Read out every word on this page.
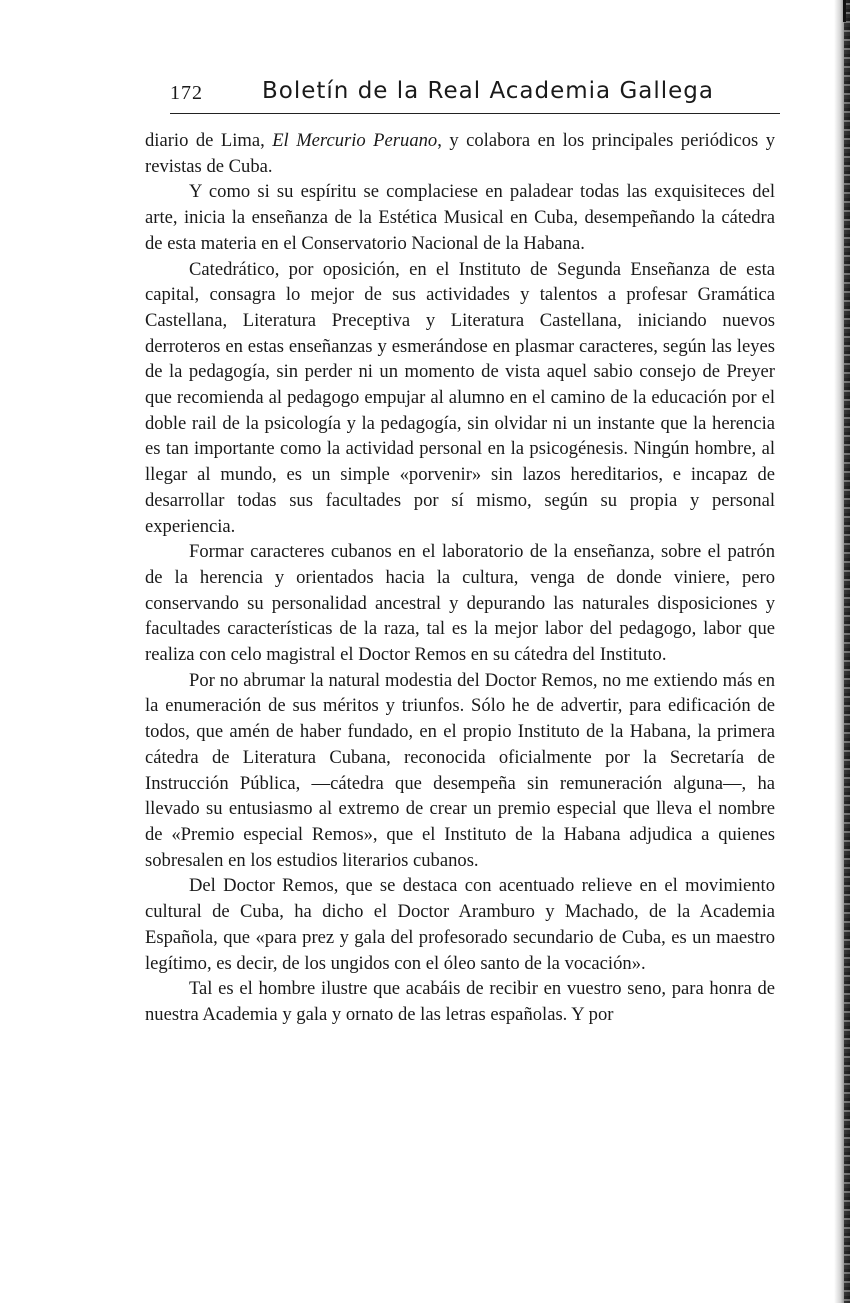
172	Boletín de la Real Academia Gallega

diario de Lima, El Mercurio Peruano, y colabora en los principales periódicos y revistas de Cuba.

Y como si su espíritu se complaciese en paladear todas las exquisiteces del arte, inicia la enseñanza de la Estética Musical en Cuba, desempeñando la cátedra de esta materia en el Conservatorio Nacional de la Habana.

Catedrático, por oposición, en el Instituto de Segunda Enseñanza de esta capital, consagra lo mejor de sus actividades y talentos a profesar Gramática Castellana, Literatura Preceptiva y Literatura Castellana, iniciando nuevos derroteros en estas enseñanzas y esmerándose en plasmar caracteres, según las leyes de la pedagogía, sin perder ni un momento de vista aquel sabio consejo de Preyer que recomienda al pedagogo empujar al alumno en el camino de la educación por el doble rail de la psicología y la pedagogía, sin olvidar ni un instante que la herencia es tan importante como la actividad personal en la psicogénesis. Ningún hombre, al llegar al mundo, es un simple «porvenir» sin lazos hereditarios, e incapaz de desarrollar todas sus facultades por sí mismo, según su propia y personal experiencia.

Formar caracteres cubanos en el laboratorio de la enseñanza, sobre el patrón de la herencia y orientados hacia la cultura, venga de donde viniere, pero conservando su personalidad ancestral y depurando las naturales disposiciones y facultades características de la raza, tal es la mejor labor del pedagogo, labor que realiza con celo magistral el Doctor Remos en su cátedra del Instituto.

Por no abrumar la natural modestia del Doctor Remos, no me extiendo más en la enumeración de sus méritos y triunfos. Sólo he de advertir, para edificación de todos, que amén de haber fundado, en el propio Instituto de la Habana, la primera cátedra de Literatura Cubana, reconocida oficialmente por la Secretaría de Instrucción Pública, —cátedra que desempeña sin remuneración alguna—, ha llevado su entusiasmo al extremo de crear un premio especial que lleva el nombre de «Premio especial Remos», que el Instituto de la Habana adjudica a quienes sobresalen en los estudios literarios cubanos.

Del Doctor Remos, que se destaca con acentuado relieve en el movimiento cultural de Cuba, ha dicho el Doctor Aramburo y Machado, de la Academia Española, que «para prez y gala del profesorado secundario de Cuba, es un maestro legítimo, es decir, de los ungidos con el óleo santo de la vocación».

Tal es el hombre ilustre que acabáis de recibir en vuestro seno, para honra de nuestra Academia y gala y ornato de las letras españolas. Y por
